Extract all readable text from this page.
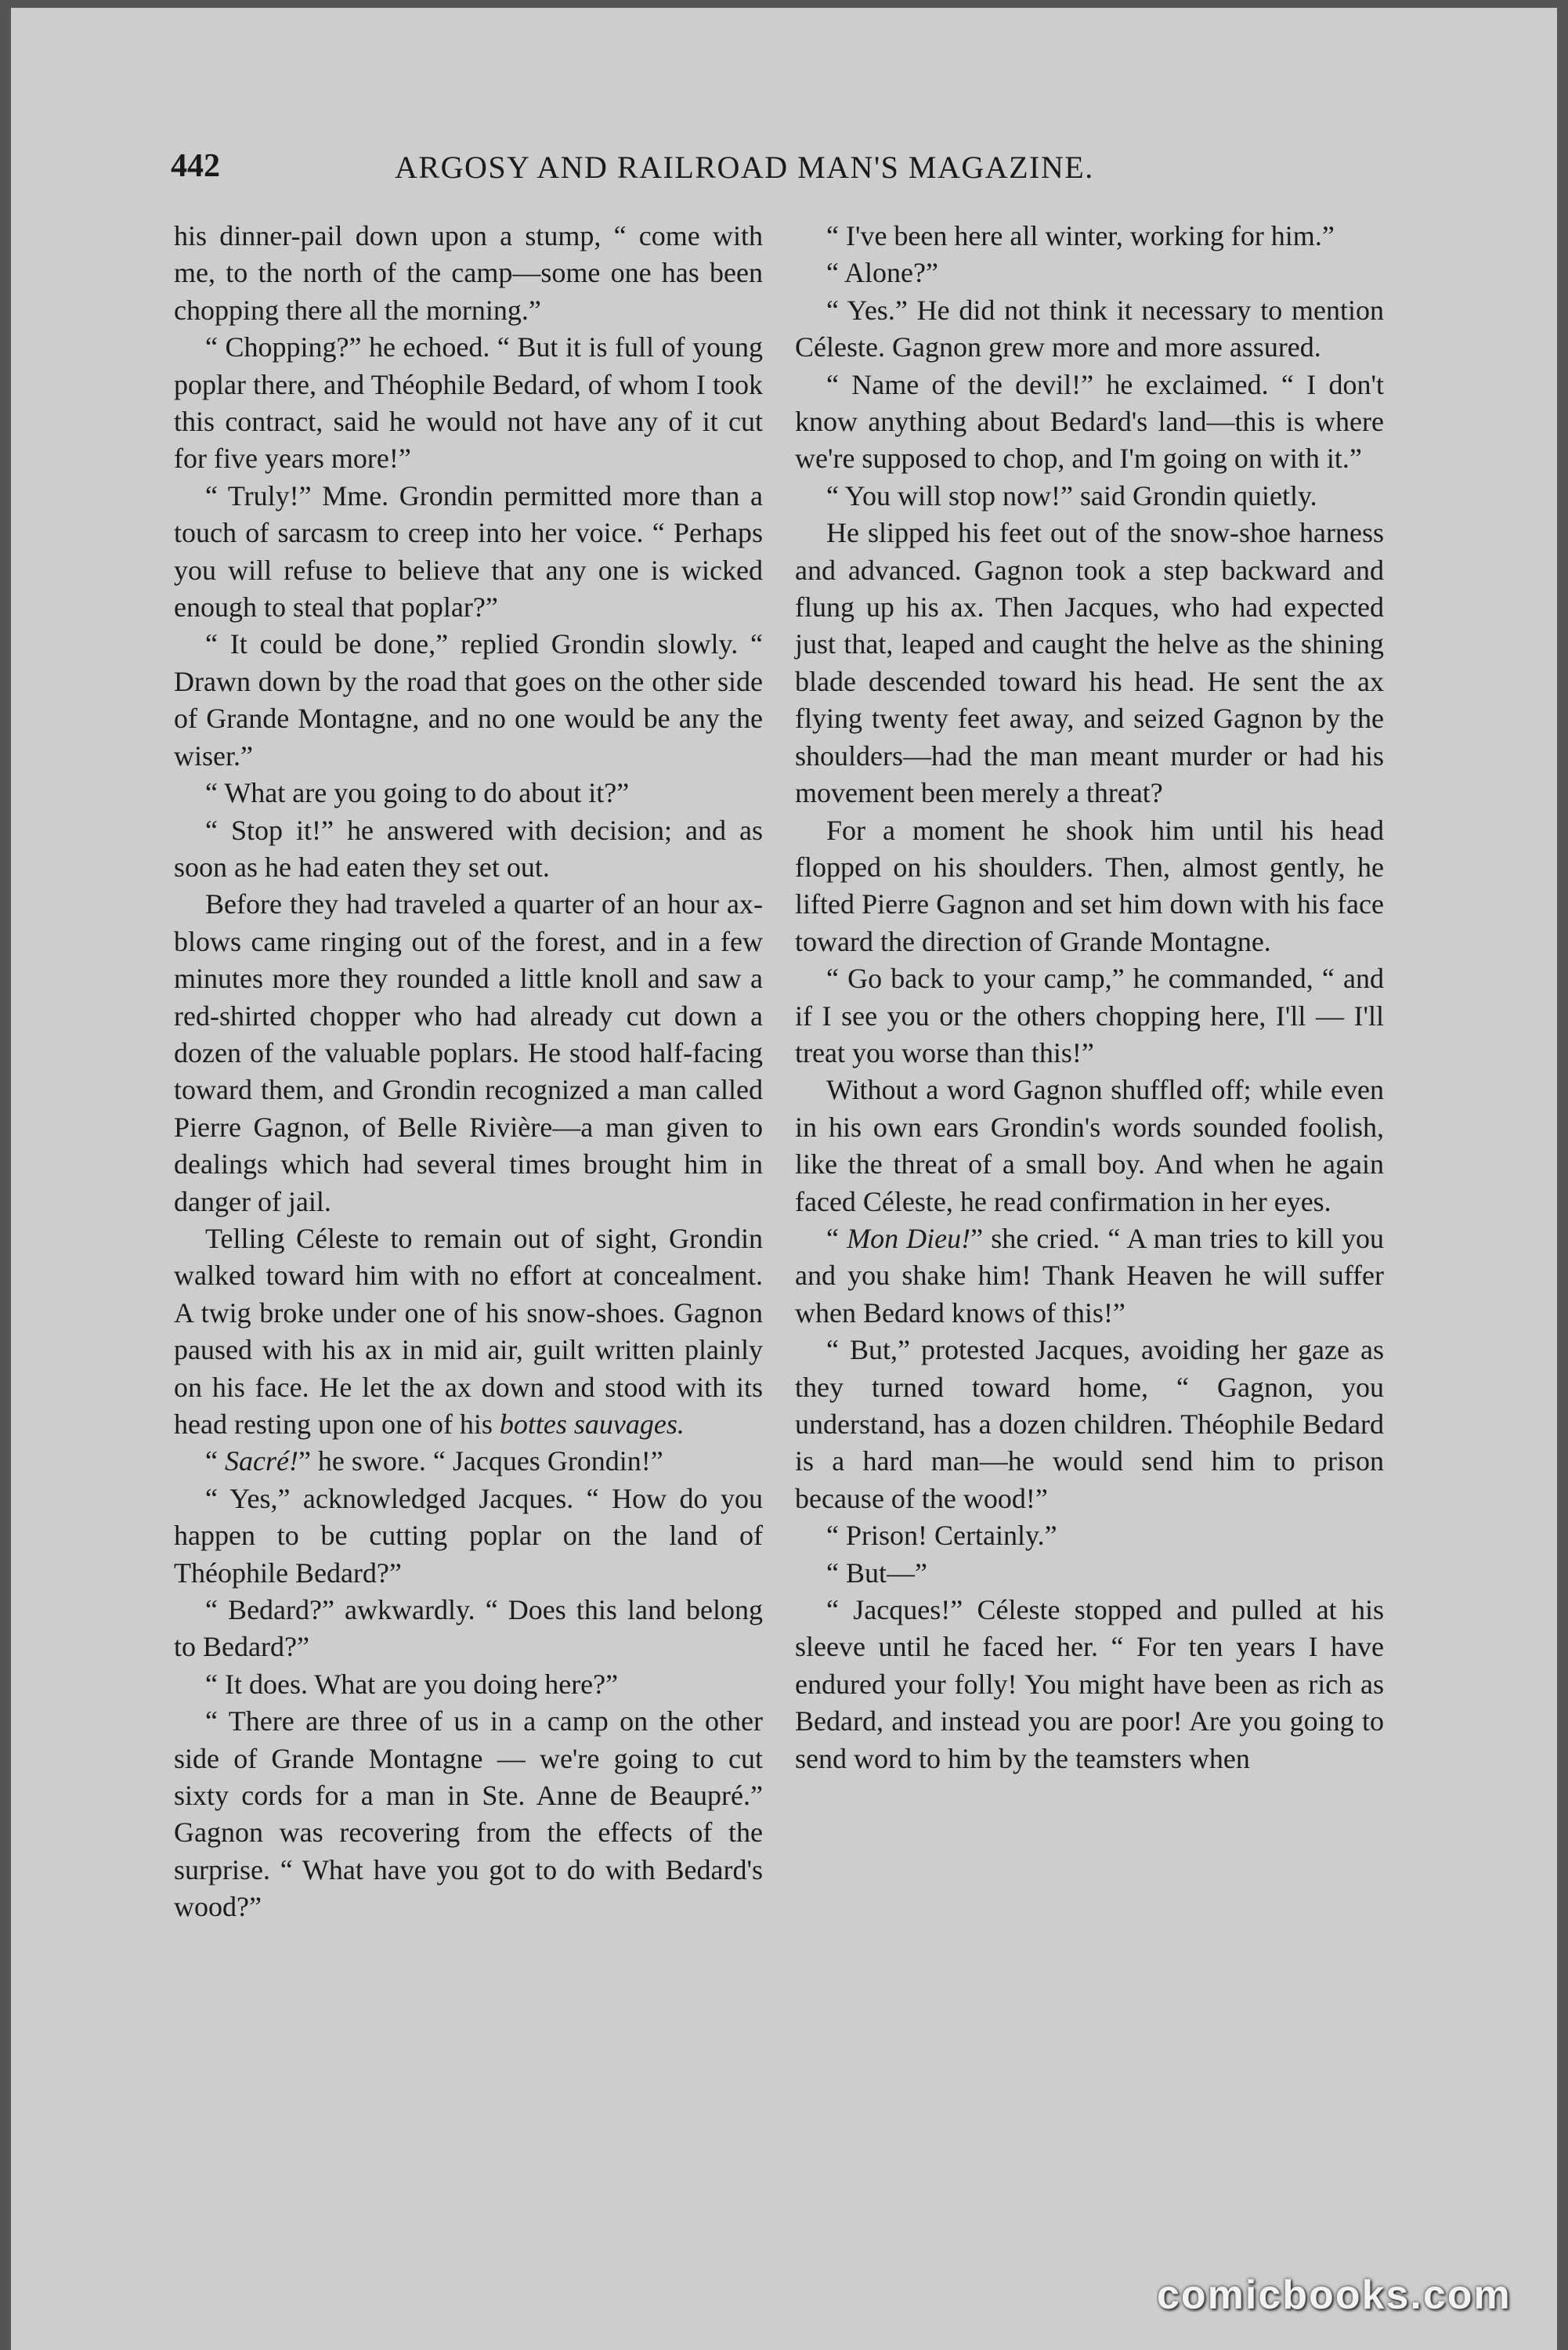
442	ARGOSY AND RAILROAD MAN'S MAGAZINE.

his dinner-pail down upon a stump, “ come with me, to the north of the camp—some one has been chopping there all the morning.”

“ Chopping?” he echoed. “ But it is full of young poplar there, and Théophile Bedard, of whom I took this contract, said he would not have any of it cut for five years more!”

“ Truly!” Mme. Grondin permitted more than a touch of sarcasm to creep into her voice. “ Perhaps you will refuse to believe that any one is wicked enough to steal that poplar?”

“ It could be done,” replied Grondin slowly. “ Drawn down by the road that goes on the other side of Grande Montagne, and no one would be any the wiser.”

“ What are you going to do about it?”

“ Stop it!” he answered with decision; and as soon as he had eaten they set out.

Before they had traveled a quarter of an hour ax-blows came ringing out of the forest, and in a few minutes more they rounded a little knoll and saw a red-shirted chopper who had already cut down a dozen of the valuable poplars. He stood half-facing toward them, and Grondin recognized a man called Pierre Gagnon, of Belle Rivière—a man given to dealings which had several times brought him in danger of jail.

Telling Céleste to remain out of sight, Grondin walked toward him with no effort at concealment. A twig broke under one of his snow-shoes. Gagnon paused with his ax in mid air, guilt written plainly on his face. He let the ax down and stood with its head resting upon one of his bottes sauvages.

“ Sacré!” he swore. “ Jacques Grondin!”

“ Yes,” acknowledged Jacques. “ How do you happen to be cutting poplar on the land of Théophile Bedard?”

“ Bedard?” awkwardly. “ Does this land belong to Bedard?”

“ It does. What are you doing here?”

“ There are three of us in a camp on the other side of Grande Montagne — we're going to cut sixty cords for a man in Ste. Anne de Beaupré.” Gagnon was recovering from the effects of the surprise. “ What have you got to do with Bedard's wood?”

“ I've been here all winter, working for him.”

“ Alone?”

“ Yes.” He did not think it necessary to mention Céleste. Gagnon grew more and more assured.

“ Name of the devil!” he exclaimed. “ I don't know anything about Bedard's land—this is where we're supposed to chop, and I'm going on with it.”

“ You will stop now!” said Grondin quietly.

He slipped his feet out of the snow-shoe harness and advanced. Gagnon took a step backward and flung up his ax. Then Jacques, who had expected just that, leaped and caught the helve as the shining blade descended toward his head. He sent the ax flying twenty feet away, and seized Gagnon by the shoulders—had the man meant murder or had his movement been merely a threat?

For a moment he shook him until his head flopped on his shoulders. Then, almost gently, he lifted Pierre Gagnon and set him down with his face toward the direction of Grande Montagne.

“ Go back to your camp,” he commanded, “ and if I see you or the others chopping here, I'll — I'll treat you worse than this!”

Without a word Gagnon shuffled off; while even in his own ears Grondin's words sounded foolish, like the threat of a small boy. And when he again faced Céleste, he read confirmation in her eyes.

“ Mon Dieu!” she cried. “ A man tries to kill you and you shake him! Thank Heaven he will suffer when Bedard knows of this!”

“ But,” protested Jacques, avoiding her gaze as they turned toward home, “ Gagnon, you understand, has a dozen children. Théophile Bedard is a hard man—he would send him to prison because of the wood!”

“ Prison! Certainly.”

“ But—”

“ Jacques!” Céleste stopped and pulled at his sleeve until he faced her. “ For ten years I have endured your folly! You might have been as rich as Bedard, and instead you are poor! Are you going to send word to him by the teamsters when

comicbooks.com
